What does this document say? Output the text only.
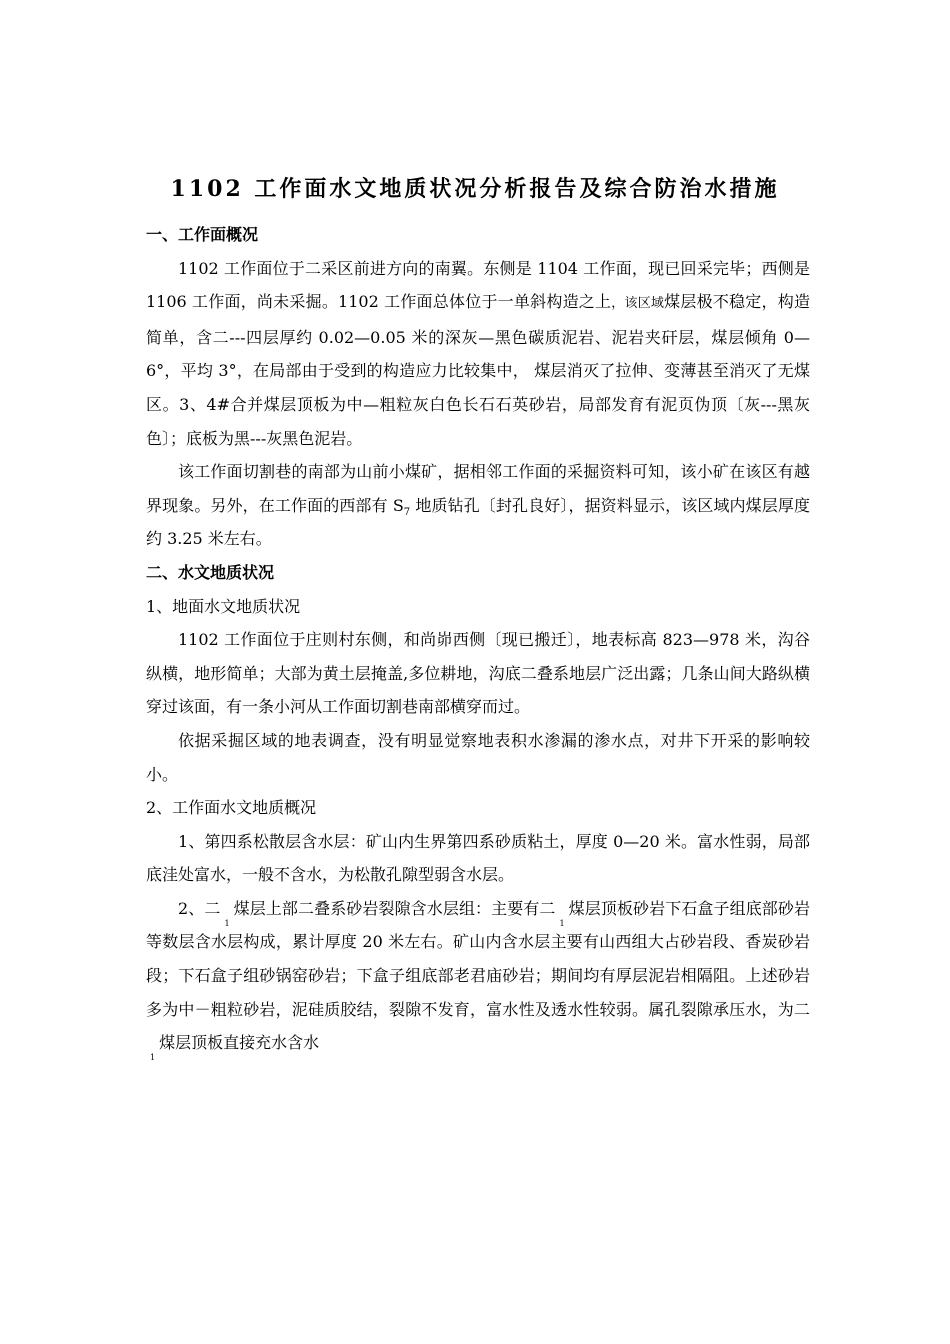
1102 工作面水文地质状况分析报告及综合防治水措施

一、工作面概况

1102 工作面位于二采区前进方向的南翼。东侧是 1104 工作面，现已回采完毕；西侧是 1106 工作面，尚未采掘。1102 工作面总体位于一单斜构造之上，该区域煤层极不稳定，构造简单，含二---四层厚约 0.02—0.05 米的深灰—黑色碳质泥岩、泥岩夹矸层，煤层倾角 0—6°，平均 3°，在局部由于受到的构造应力比较集中， 煤层消灭了拉伸、变薄甚至消灭了无煤区。3、4#合并煤层顶板为中—粗粒灰白色长石石英砂岩，局部发育有泥页伪顶〔灰---黑灰色〕；底板为黑---灰黑色泥岩。

该工作面切割巷的南部为山前小煤矿，据相邻工作面的采掘资料可知，该小矿在该区有越界现象。另外，在工作面的西部有 $S_7$ 地质钻孔〔封孔良好〕，据资料显示，该区域内煤层厚度约 3.25 米左右。

二、水文地质状况

1、地面水文地质状况

1102 工作面位于庄则村东侧，和尚峁西侧〔现已搬迁〕，地表标高 823—978 米，沟谷纵横，地形简单；大部为黄土层掩盖,多位耕地，沟底二叠系地层广泛出露；几条山间大路纵横穿过该面，有一条小河从工作面切割巷南部横穿而过。

依据采掘区域的地表调查，没有明显觉察地表积水渗漏的渗水点，对井下开采的影响较小。

2、工作面水文地质概况

1、第四系松散层含水层：矿山内生界第四系砂质粘土，厚度 0—20 米。富水性弱，局部底洼处富水，一般不含水，为松散孔隙型弱含水层。

2、二$_1$煤层上部二叠系砂岩裂隙含水层组：主要有二$_1$煤层顶板砂岩下石盒子组底部砂岩等数层含水层构成，累计厚度 20 米左右。矿山内含水层主要有山西组大占砂岩段、香炭砂岩段；下石盒子组砂锅窑砂岩；下盒子组底部老君庙砂岩；期间均有厚层泥岩相隔阻。上述砂岩多为中－粗粒砂岩，泥硅质胶结，裂隙不发育，富水性及透水性较弱。属孔裂隙承压水，为二$_1$煤层顶板直接充水含水
